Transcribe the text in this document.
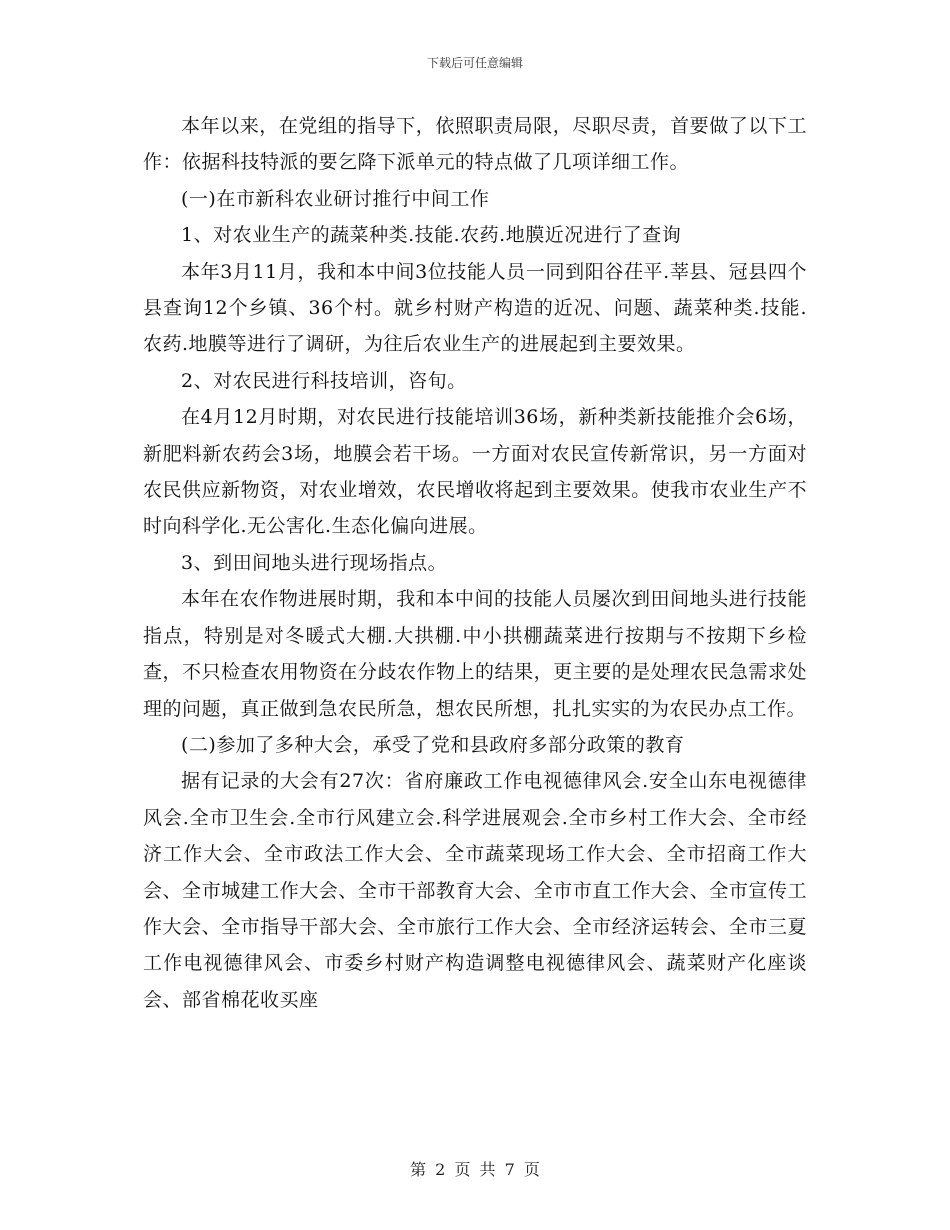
下载后可任意编辑

本年以来，在党组的指导下，依照职责局限，尽职尽责，首要做了以下工作：依据科技特派的要乞降下派单元的特点做了几项详细工作。

(一)在市新科农业研讨推行中间工作

1、对农业生产的蔬菜种类.技能.农药.地膜近况进行了查询

本年3月11月，我和本中间3位技能人员一同到阳谷茌平.莘县、冠县四个县查询12个乡镇、36个村。就乡村财产构造的近况、问题、蔬菜种类.技能.农药.地膜等进行了调研，为往后农业生产的进展起到主要效果。

2、对农民进行科技培训，咨旬。

在4月12月时期，对农民进行技能培训36场，新种类新技能推介会6场，新肥料新农药会3场，地膜会若干场。一方面对农民宣传新常识，另一方面对农民供应新物资，对农业增效，农民增收将起到主要效果。使我市农业生产不时向科学化.无公害化.生态化偏向进展。

3、到田间地头进行现场指点。

本年在农作物进展时期，我和本中间的技能人员屡次到田间地头进行技能指点，特别是对冬暖式大棚.大拱棚.中小拱棚蔬菜进行按期与不按期下乡检查，不只检查农用物资在分歧农作物上的结果，更主要的是处理农民急需求处理的问题，真正做到急农民所急，想农民所想，扎扎实实的为农民办点工作。

(二)参加了多种大会，承受了党和县政府多部分政策的教育

据有记录的大会有27次：省府廉政工作电视德律风会.安全山东电视德律风会.全市卫生会.全市行风建立会.科学进展观会.全市乡村工作大会、全市经济工作大会、全市政法工作大会、全市蔬菜现场工作大会、全市招商工作大会、全市城建工作大会、全市干部教育大会、全市市直工作大会、全市宣传工作大会、全市指导干部大会、全市旅行工作大会、全市经济运转会、全市三夏工作电视德律风会、市委乡村财产构造调整电视德律风会、蔬菜财产化座谈会、部省棉花收买座

第 2 页 共 7 页
